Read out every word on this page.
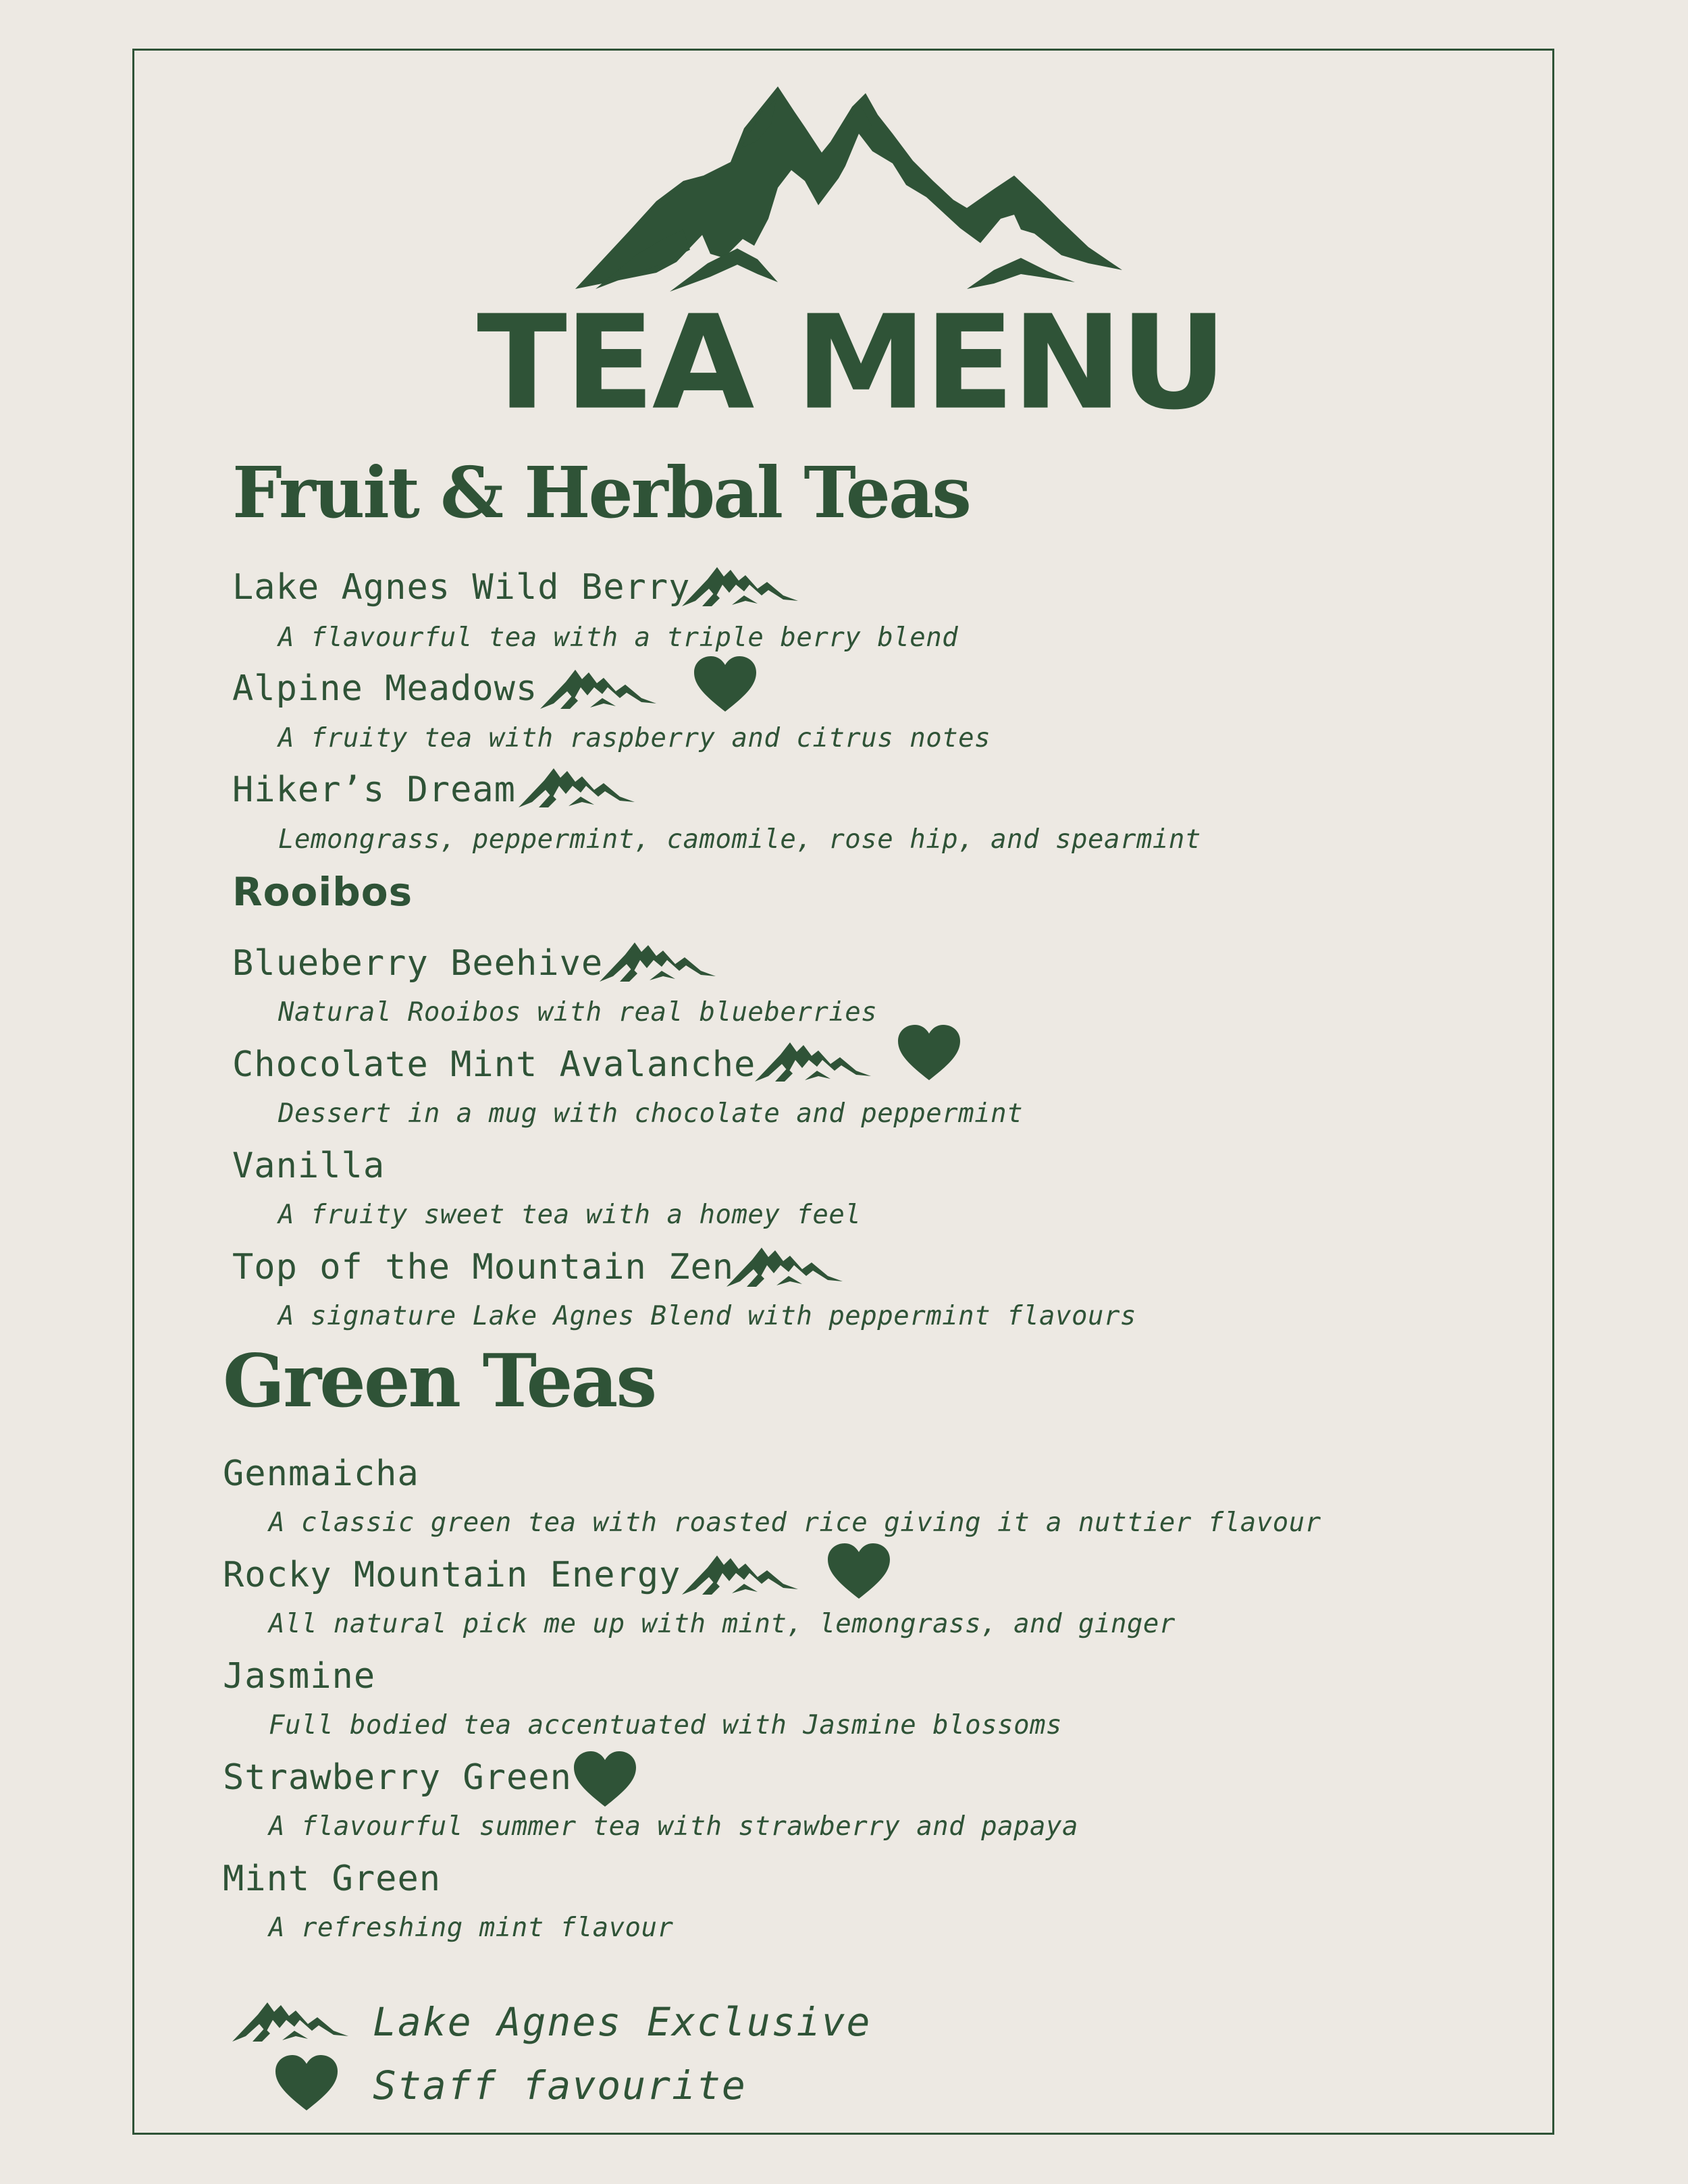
TEA MENU
Fruit & Herbal Teas
Lake Agnes Wild Berry
A flavourful tea with a triple berry blend
Alpine Meadows
A fruity tea with raspberry and citrus notes
Hiker’s Dream
Lemongrass, peppermint, camomile, rose hip, and spearmint
Rooibos
Blueberry Beehive
Natural Rooibos with real blueberries
Chocolate Mint Avalanche
Dessert in a mug with chocolate and peppermint
Vanilla
A fruity sweet tea with a homey feel
Top of the Mountain Zen
A signature Lake Agnes Blend with peppermint flavours
Green Teas
Genmaicha
A classic green tea with roasted rice giving it a nuttier flavour
Rocky Mountain Energy
All natural pick me up with mint, lemongrass, and ginger
Jasmine
Full bodied tea accentuated with Jasmine blossoms
Strawberry Green
A flavourful summer tea with strawberry and papaya
Mint Green
A refreshing mint flavour
Lake Agnes Exclusive
Staff favourite
